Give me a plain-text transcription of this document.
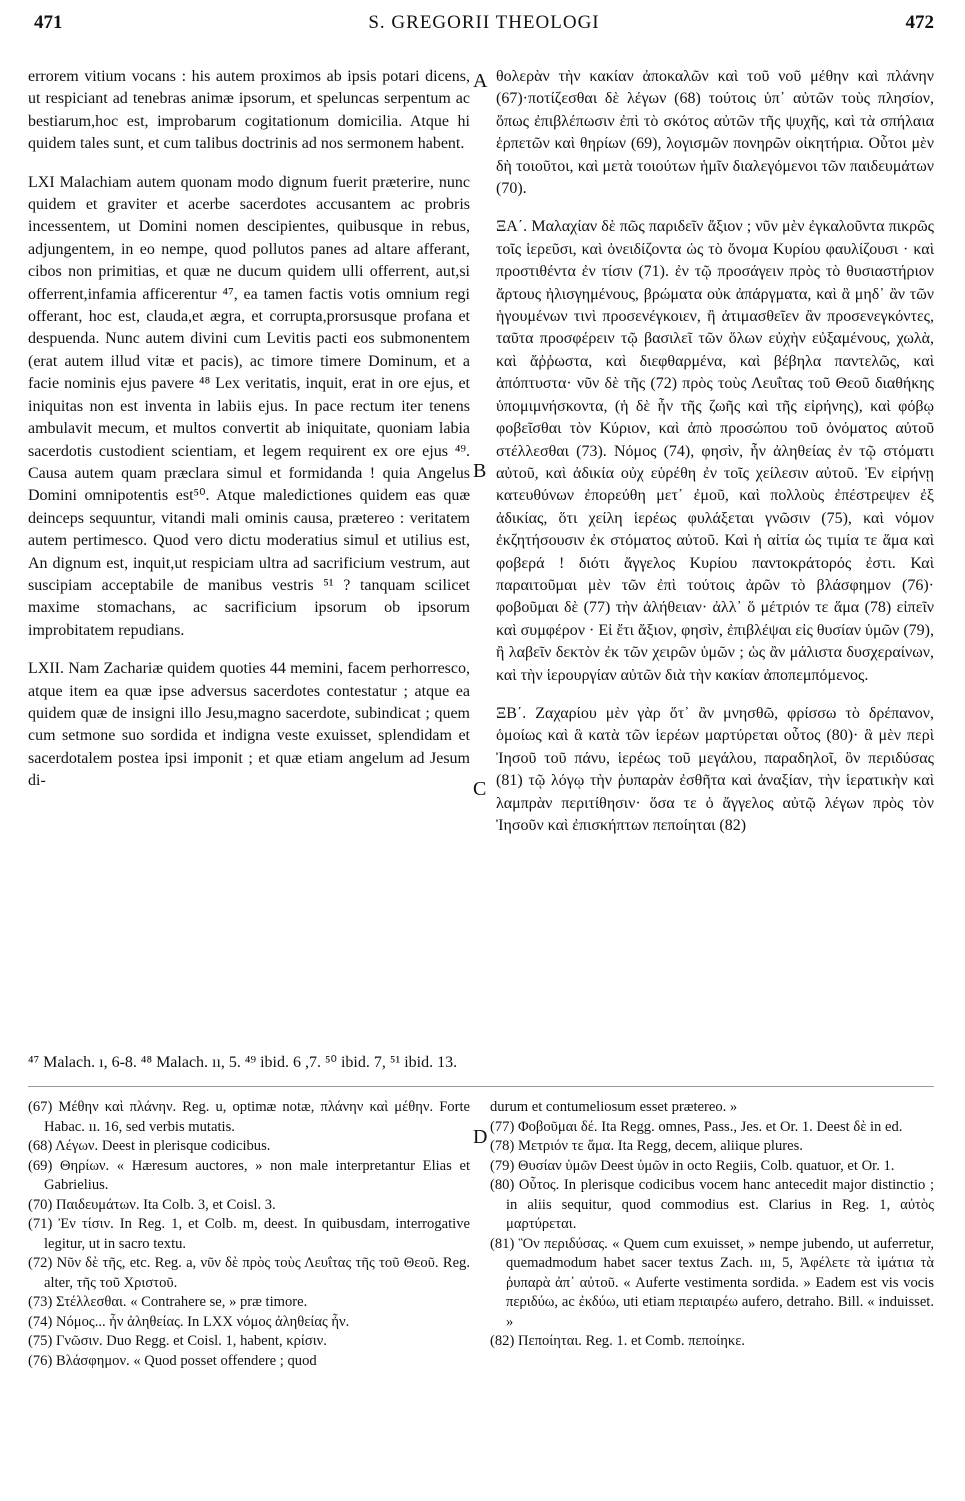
471	S. GREGORII THEOLOGI	472

errorem vitium vocans : his autem proximos ab ipsis potari dicens, ut respiciant ad tenebras animæ ipsorum, et speluncas serpentum ac bestiarum,hoc est, improbarum cogitationum domicilia. Atque hi quidem tales sunt, et cum talibus doctrinis ad nos sermonem habent.

LXI Malachiam autem quonam modo dignum fuerit præterire, nunc quidem et graviter et acerbe sacerdotes accusantem ac probris incessentem, ut Domini nomen descipientes, quibusque in rebus, adjungentem, in eo nempe, quod pollutos panes ad altare afferant, cibos non primitias, et quæ ne ducum quidem ulli offerrent, aut,si offerrent,infamia afficerentur ⁴⁷, ea tamen factis votis omnium regi offerant, hoc est, clauda,et ægra, et corrupta,prorsusque profana et despuenda. Nunc autem divini cum Levitis pacti eos submonentem (erat autem illud vitæ et pacis), ac timore timere Dominum, et a facie nominis ejus pavere ⁴⁸ Lex veritatis, inquit, erat in ore ejus, et iniquitas non est inventa in labiis ejus. In pace rectum iter tenens ambulavit mecum, et multos convertit ab iniquitate, quoniam labia sacerdotis custodient scientiam, et legem requirent ex ore ejus ⁴⁹. Causa autem quam præclara simul et formidanda ! quia Angelus Domini omnipotentis est⁵⁰. Atque maledictiones quidem eas quæ deinceps sequuntur, vitandi mali ominis causa, prætereo : veritatem autem pertimesco. Quod vero dictu moderatius simul et utilius est, An dignum est, inquit,ut respiciam ultra ad sacrificium vestrum, aut suscipiam acceptabile de manibus vestris ⁵¹ ? tanquam scilicet maxime stomachans, ac sacrificium ipsorum ob ipsorum improbitatem repudians.

LXII. Nam Zachariæ quidem quoties 44 memini, facem perhorresco, atque item ea quæ ipse adversus sacerdotes contestatur ; atque ea quidem quæ de insigni illo Jesu,magno sacerdote, subindicat ; quem cum setmone suo sordida et indigna veste exuisset, splendidam et sacerdotalem postea ipsi imponit ; et quæ etiam angelum ad Jesum di-

A
B
C
D

θολερὰν τὴν κακίαν ἀποκαλῶν καὶ τοῦ νοῦ μέθην καὶ πλάνην (67)·ποτίζεσθαι δὲ λέγων (68) τούτοις ὑπ᾽ αὐτῶν τοὺς πλησίον, ὅπως ἐπιβλέπωσιν ἐπὶ τὸ σκότος αὐτῶν τῆς ψυχῆς, καὶ τὰ σπήλαια ἑρπετῶν καὶ θηρίων (69), λογισμῶν πονηρῶν οἰκητήρια. Οὗτοι μὲν δὴ τοιοῦτοι, καὶ μετὰ τοιούτων ἡμῖν διαλεγόμενοι τῶν παιδευμάτων (70).

ΞΑ΄. Μαλαχίαν δὲ πῶς παριδεῖν ἄξιον ; νῦν μὲν ἐγκαλοῦντα πικρῶς τοῖς ἱερεῦσι, καὶ ὀνειδίζοντα ὡς τὸ ὄνομα Κυρίου φαυλίζουσι · καὶ προστιθέντα ἐν τίσιν (71). ἐν τῷ προσάγειν πρὸς τὸ θυσιαστήριον ἄρτους ἠλισγημένους, βρώματα οὐκ ἀπάργματα, καὶ ἃ μηδ᾽ ἂν τῶν ἡγουμένων τινὶ προσενέγκοιεν, ἢ ἀτιμασθεῖεν ἂν προσενεγκόντες, ταῦτα προσφέρειν τῷ βασιλεῖ τῶν ὅλων εὐχὴν εὐξαμένους, χωλὰ, καὶ ἄῤῥωστα, καὶ διεφθαρμένα, καὶ βέβηλα παντελῶς, καὶ ἀπόπτυστα· νῦν δὲ τῆς (72) πρὸς τοὺς Λευΐτας τοῦ Θεοῦ διαθήκης ὑπομιμνήσκοντα, (ἡ δὲ ἦν τῆς ζωῆς καὶ τῆς εἰρήνης), καὶ φόβῳ φοβεῖσθαι τὸν Κύριον, καὶ ἀπὸ προσώπου τοῦ ὀνόματος αὐτοῦ στέλλεσθαι (73). Νόμος (74), φησὶν, ἦν ἀληθείας ἐν τῷ στόματι αὐτοῦ, καὶ ἀδικία οὐχ εὑρέθη ἐν τοῖς χείλεσιν αὐτοῦ. Ἐν εἰρήνῃ κατευθύνων ἐπορεύθη μετ᾽ ἐμοῦ, καὶ πολλοὺς ἐπέστρεψεν ἐξ ἀδικίας, ὅτι χείλη ἱερέως φυλάξεται γνῶσιν (75), καὶ νόμον ἐκζητήσουσιν ἐκ στόματος αὐτοῦ. Καὶ ἡ αἰτία ὡς τιμία τε ἅμα καὶ φοβερά ! διότι ἄγγελος Κυρίου παντοκράτορός ἐστι. Καὶ παραιτοῦμαι μὲν τῶν ἐπὶ τούτοις ἀρῶν τὸ βλάσφημον (76)· φοβοῦμαι δὲ (77) τὴν ἀλήθειαν· ἀλλ᾽ ὅ μέτριόν τε ἅμα (78) εἰπεῖν καὶ συμφέρον · Εἰ ἔτι ἄξιον, φησὶν, ἐπιβλέψαι εἰς θυσίαν ὑμῶν (79), ἢ λαβεῖν δεκτὸν ἐκ τῶν χειρῶν ὑμῶν ; ὡς ἂν μάλιστα δυσχεραίνων, καὶ τὴν ἱερουργίαν αὐτῶν διὰ τὴν κακίαν ἀποπεμπόμενος.

ΞΒ΄. Ζαχαρίου μὲν γὰρ ὅτ᾽ ἂν μνησθῶ, φρίσσω τὸ δρέπανον, ὁμοίως καὶ ἃ κατὰ τῶν ἱερέων μαρτύρεται οὗτος (80)· ἃ μὲν περὶ Ἰησοῦ τοῦ πάνυ, ἱερέως τοῦ μεγάλου, παραδηλοῖ, ὃν περιδύσας (81) τῷ λόγῳ τὴν ῥυπαρὰν ἐσθῆτα καὶ ἀναξίαν, τὴν ἱερατικὴν καὶ λαμπρὰν περιτίθησιν· ὅσα τε ὁ ἄγγελος αὐτῷ λέγων πρὸς τὸν Ἰησοῦν καὶ ἐπισκήπτων πεποίηται (82)

⁴⁷ Malach. ı, 6-8. ⁴⁸ Malach. ıı, 5. ⁴⁹ ibid. 6 ,7. ⁵⁰ ibid. 7, ⁵¹ ibid. 13.
(67) Μέθην καὶ πλάνην. Reg. u, optimæ notæ, πλάνην καὶ μέθην. Forte Habac. ıı. 16, sed verbis mutatis.
(68) Λέγων. Deest in plerisque codicibus.
(69) Θηρίων. « Hæresum auctores, » non male interpretantur Elias et Gabrielius.
(70) Παιδευμάτων. Ita Colb. 3, et Coisl. 3.
(71) Ἐν τίσιν. In Reg. 1, et Colb. m, deest. In quibusdam, interrogative legitur, ut in sacro textu.
(72) Νῦν δὲ τῆς, etc. Reg. a, νῦν δὲ πρὸς τοὺς Λευΐτας τῆς τοῦ Θεοῦ. Reg. alter, τῆς τοῦ Χριστοῦ.
(73) Στέλλεσθαι. « Contrahere se, » præ timore.
(74) Νόμος... ἦν ἀληθείας. In LXX νόμος ἀληθείας ἦν.
(75) Γνῶσιν. Duo Regg. et Coisl. 1, habent, κρίσιν.
(76) Βλάσφημον. « Quod posset offendere ; quod
durum et contumeliosum esset prætereo. »
(77) Φοβοῦμαι δέ. Ita Regg. omnes, Pass., Jes. et Or. 1. Deest δὲ in ed.
(78) Μετριόν τε ἅμα. Ita Regg, decem, aliique plures.
(79) Θυσίαν ὑμῶν Deest ὑμῶν in octo Regiis, Colb. quatuor, et Or. 1.
(80) Οὗτος. In plerisque codicibus vocem hanc antecedit major distinctio ; in aliis sequitur, quod commodius est. Clarius in Reg. 1, αὐτὸς μαρτύρεται.
(81) Ὃν περιδύσας. « Quem cum exuisset, » nempe jubendo, ut auferretur, quemadmodum habet sacer textus Zach. ııı, 5, Ἀφέλετε τὰ ἱμάτια τὰ ῥυπαρὰ ἀπ᾽ αὐτοῦ. « Auferte vestimenta sordida. » Eadem est vis vocis περιδύω, ac ἐκδύω, uti etiam περιαιρέω aufero, detraho. Bill. « induisset. »
(82) Πεποίηται. Reg. 1. et Comb. πεποίηκε.
